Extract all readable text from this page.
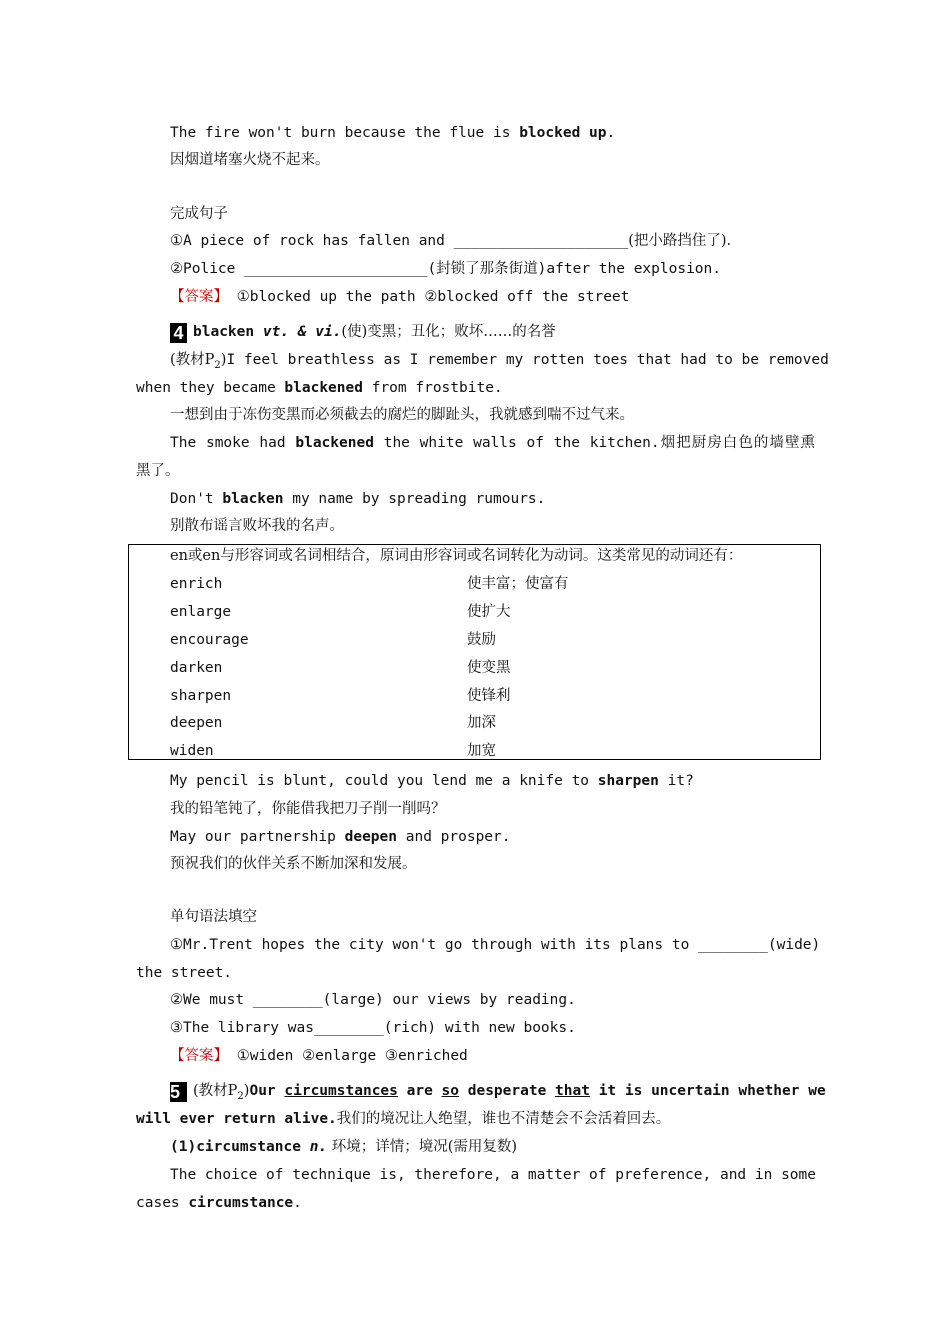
The fire won't burn because the flue is blocked up.
因烟道堵塞火烧不起来。
完成句子
①A piece of rock has fallen and ____________________(把小路挡住了).
②Police _____________________(封锁了那条街道)after the explosion.
【答案】 ①blocked up the path ②blocked off the street
4 blacken vt. & vi.(使)变黑；丑化；败坏……的名誉
(教材$P_2)I$ feel breathless as I remember my rotten toes that had to be removed
when they became blackened from frostbite.
一想到由于冻伤变黑而必须截去的腐烂的脚趾头，我就感到喘不过气来。
The smoke had blackened the white walls of the kitchen.烟把厨房白色的墙壁熏
黑了。
Don't blacken my name by spreading rumours.
别散布谣言败坏我的名声。
en或en与形容词或名词相结合，原词由形容词或名词转化为动词。这类常见的动词还有：
enrich	使丰富；使富有
enlarge	使扩大
encourage	鼓励
darken	使变黑
sharpen	使锋利
deepen	加深
widen	加宽
My pencil is blunt, could you lend me a knife to sharpen it?
我的铅笔钝了，你能借我把刀子削一削吗？
May our partnership deepen and prosper.
预祝我们的伙伴关系不断加深和发展。
单句语法填空
①Mr.Trent hopes the city won't go through with its plans to ________(wide)
the street.
②We must ________(large) our views by reading.
③The library was________(rich) with new books.
【答案】 ①widen ②enlarge ③enriched
5 (教材$P_2)Our$ circumstances are so desperate that it is uncertain whether we
will ever return alive.我们的境况让人绝望，谁也不清楚会不会活着回去。
(1)circumstance n. 环境；详情；境况(需用复数)
The choice of technique is, therefore, a matter of preference, and in some
cases circumstance.
